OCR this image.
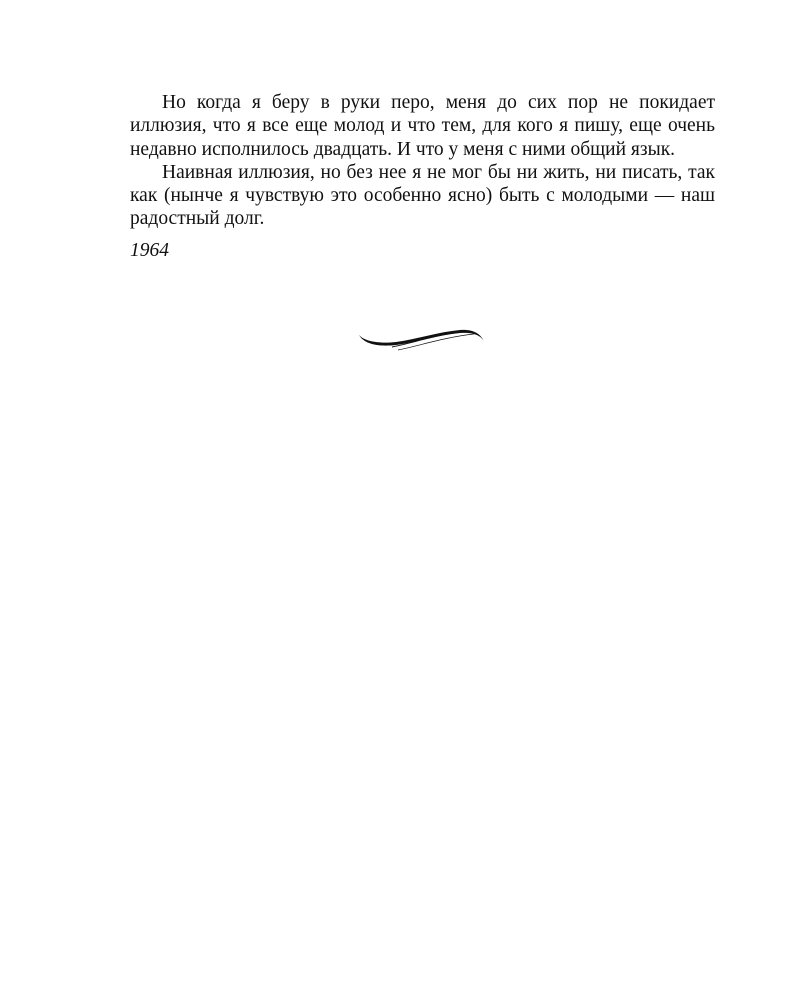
Но когда я беру в руки перо, меня до сих пор не покидает иллюзия, что я все еще молод и что тем, для кого я пишу, еще очень недавно исполнилось двадцать. И что у меня с ними общий язык.

Наивная иллюзия, но без нее я не мог бы ни жить, ни писать, так как (нынче я чувствую это особенно ясно) быть с молодыми — наш радостный долг.

1964
